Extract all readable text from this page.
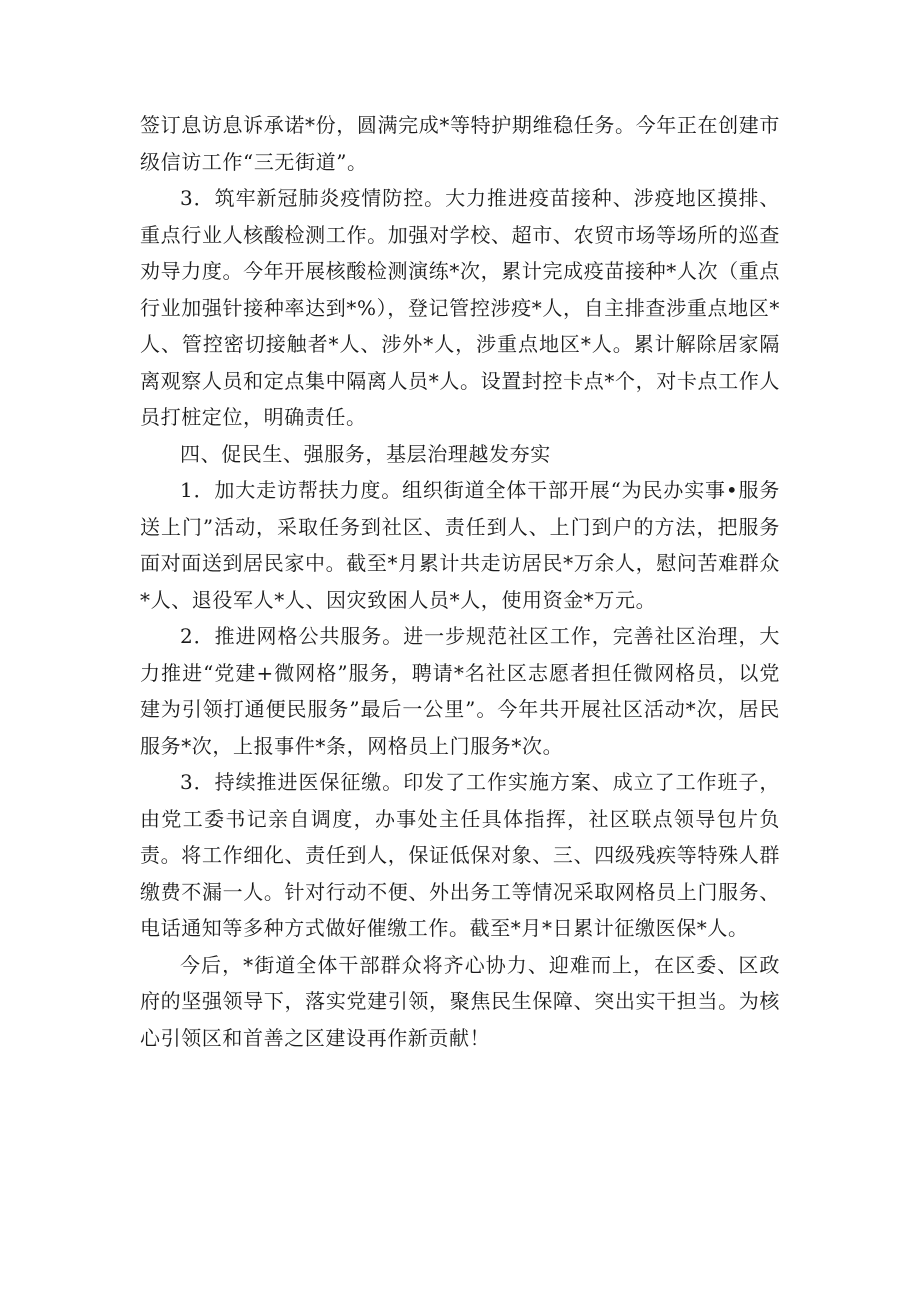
签订息访息诉承诺*份，圆满完成*等特护期维稳任务。今年正在创建市级信访工作“三无街道”。

3．筑牢新冠肺炎疫情防控。大力推进疫苗接种、涉疫地区摸排、重点行业人核酸检测工作。加强对学校、超市、农贸市场等场所的巡查劝导力度。今年开展核酸检测演练*次，累计完成疫苗接种*人次（重点行业加强针接种率达到*%），登记管控涉疫*人，自主排查涉重点地区*人、管控密切接触者*人、涉外*人，涉重点地区*人。累计解除居家隔离观察人员和定点集中隔离人员*人。设置封控卡点*个，对卡点工作人员打桩定位，明确责任。

四、促民生、强服务，基层治理越发夯实

1．加大走访帮扶力度。组织街道全体干部开展“为民办实事•服务送上门”活动，采取任务到社区、责任到人、上门到户的方法，把服务面对面送到居民家中。截至*月累计共走访居民*万余人，慰问苦难群众*人、退役军人*人、因灾致困人员*人，使用资金*万元。

2．推进网格公共服务。进一步规范社区工作，完善社区治理，大力推进“党建+微网格”服务，聘请*名社区志愿者担任微网格员，以党建为引领打通便民服务”最后一公里”。今年共开展社区活动*次，居民服务*次，上报事件*条，网格员上门服务*次。

3．持续推进医保征缴。印发了工作实施方案、成立了工作班子，由党工委书记亲自调度，办事处主任具体指挥，社区联点领导包片负责。将工作细化、责任到人，保证低保对象、三、四级残疾等特殊人群缴费不漏一人。针对行动不便、外出务工等情况采取网格员上门服务、电话通知等多种方式做好催缴工作。截至*月*日累计征缴医保*人。

今后，*街道全体干部群众将齐心协力、迎难而上，在区委、区政府的坚强领导下，落实党建引领，聚焦民生保障、突出实干担当。为核心引领区和首善之区建设再作新贡献！
